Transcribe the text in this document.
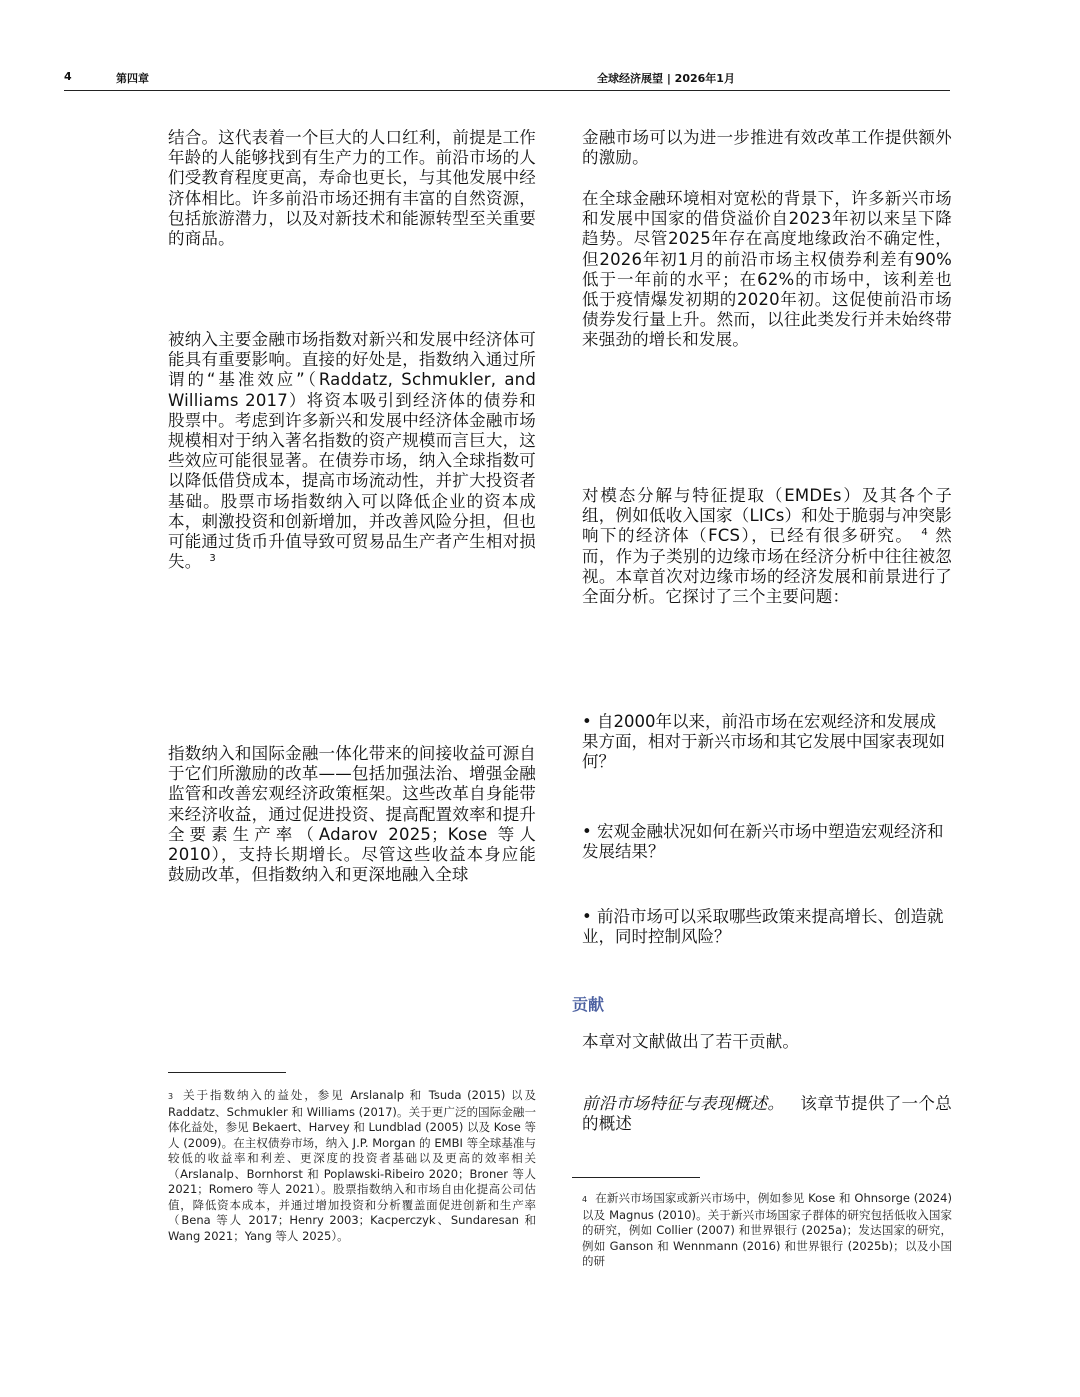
4	第四章	全球经济展望 | 2026年1月

结合。这代表着一个巨大的人口红利，前提是工作年龄的人能够找到有生产力的工作。前沿市场的人们受教育程度更高，寿命也更长，与其他发展中经济体相比。许多前沿市场还拥有丰富的自然资源，包括旅游潜力，以及对新技术和能源转型至关重要的商品。

被纳入主要金融市场指数对新兴和发展中经济体可能具有重要影响。直接的好处是，指数纳入通过所谓的“基准效应”（Raddatz, Schmukler, and Williams 2017）将资本吸引到经济体的债券和股票中。考虑到许多新兴和发展中经济体金融市场规模相对于纳入著名指数的资产规模而言巨大，这些效应可能很显著。在债券市场，纳入全球指数可以降低借贷成本，提高市场流动性，并扩大投资者基础。股票市场指数纳入可以降低企业的资本成本，刺激投资和创新增加，并改善风险分担，但也可能通过货币升值导致可贸易品生产者产生相对损失。 $^3$

指数纳入和国际金融一体化带来的间接收益可源自于它们所激励的改革——包括加强法治、增强金融监管和改善宏观经济政策框架。这些改革自身能带来经济收益，通过促进投资、提高配置效率和提升全要素生产率（Adarov 2025；Kose 等人 2010），支持长期增长。尽管这些收益本身应能鼓励改革，但指数纳入和更深地融入全球

3 关于指数纳入的益处，参见 Arslanalp 和 Tsuda (2015) 以及 Raddatz、Schmukler 和 Williams (2017)。关于更广泛的国际金融一体化益处，参见 Bekaert、Harvey 和 Lundblad (2005) 以及 Kose 等人 (2009)。在主权债券市场，纳入 J.P. Morgan 的 EMBI 等全球基准与较低的收益率和利差、更深度的投资者基础以及更高的效率相关（Arslanalp、Bornhorst 和 Poplawski-Ribeiro 2020；Broner 等人 2021；Romero 等人 2021）。股票指数纳入和市场自由化提高公司估值，降低资本成本，并通过增加投资和分析覆盖面促进创新和生产率（Bena 等人 2017；Henry 2003；Kacperczyk、Sundaresan 和 Wang 2021；Yang 等人 2025）。

金融市场可以为进一步推进有效改革工作提供额外的激励。

在全球金融环境相对宽松的背景下，许多新兴市场和发展中国家的借贷溢价自2023年初以来呈下降趋势。尽管2025年存在高度地缘政治不确定性，但2026年初1月的前沿市场主权债券利差有90%低于一年前的水平；在62%的市场中，该利差也低于疫情爆发初期的2020年初。这促使前沿市场债券发行量上升。然而，以往此类发行并未始终带来强劲的增长和发展。

对模态分解与特征提取（EMDEs）及其各个子组，例如低收入国家（LICs）和处于脆弱与冲突影响下的经济体（FCS），已经有很多研究。 $^4$ 然而，作为子类别的边缘市场在经济分析中往往被忽视。本章首次对边缘市场的经济发展和前景进行了全面分析。它探讨了三个主要问题：

• 自2000年以来，前沿市场在宏观经济和发展成果方面，相对于新兴市场和其它发展中国家表现如何？

• 宏观金融状况如何在新兴市场中塑造宏观经济和发展结果？

• 前沿市场可以采取哪些政策来提高增长、创造就业，同时控制风险？

贡献

本章对文献做出了若干贡献。

前沿市场特征与表现概述。 该章节提供了一个总的概述

4 在新兴市场国家或新兴市场中，例如参见 Kose 和 Ohnsorge (2024) 以及 Magnus (2010)。关于新兴市场国家子群体的研究包括低收入国家的研究，例如 Collier (2007) 和世界银行 (2025a)；发达国家的研究，例如 Ganson 和 Wennmann (2016) 和世界银行 (2025b)；以及小国的研
